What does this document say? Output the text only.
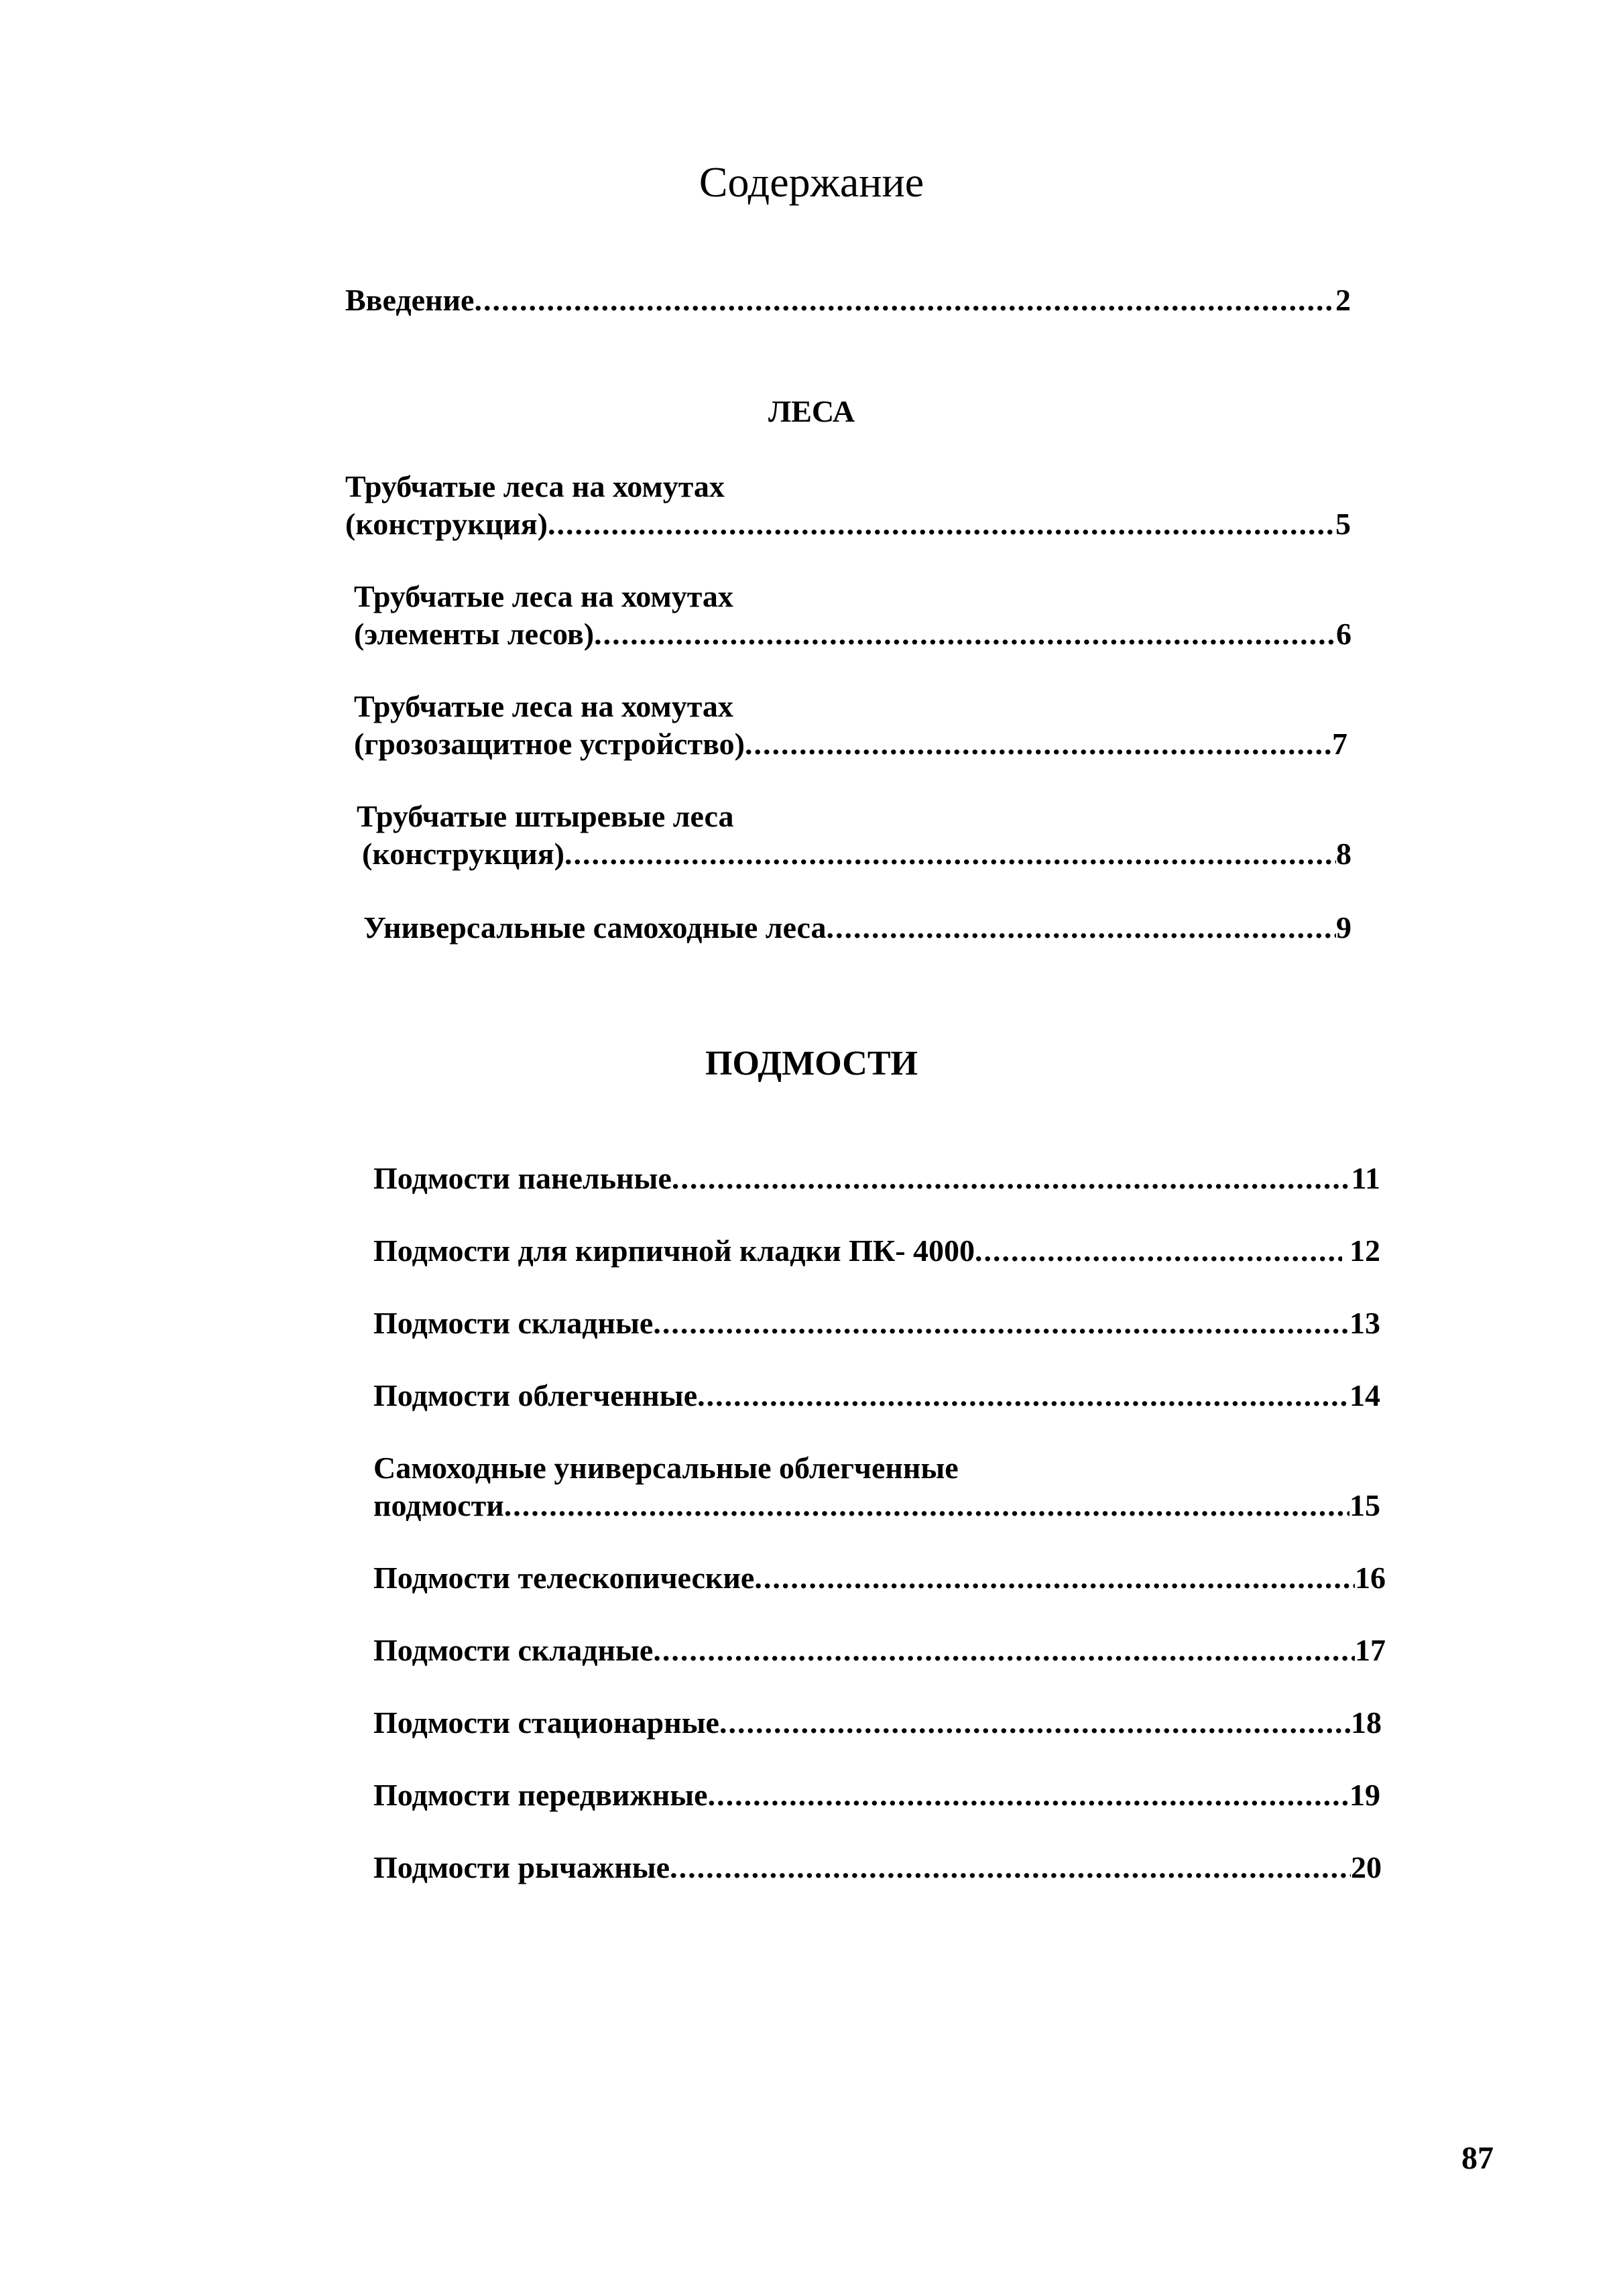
Содержание
Введение .....	2
ЛЕСА
Трубчатые леса на хомутах
(конструкция) .....	5
Трубчатые леса на хомутах
(элементы лесов) .....	6
Трубчатые леса на хомутах
(грозозащитное устройство) .....	7
Трубчатые штыревые леса
(конструкция) .....	8
Универсальные самоходные леса .....	9
ПОДМОСТИ
Подмости панельные .....	11
Подмости для кирпичной кладки ПК- 4000 .....	12
Подмости складные .....	13
Подмости облегченные .....	14
Самоходные универсальные облегченные
подмости .....	15
Подмости телескопические .....	16
Подмости складные .....	17
Подмости стационарные .....	18
Подмости передвижные .....	19
Подмости рычажные .....	20
87
